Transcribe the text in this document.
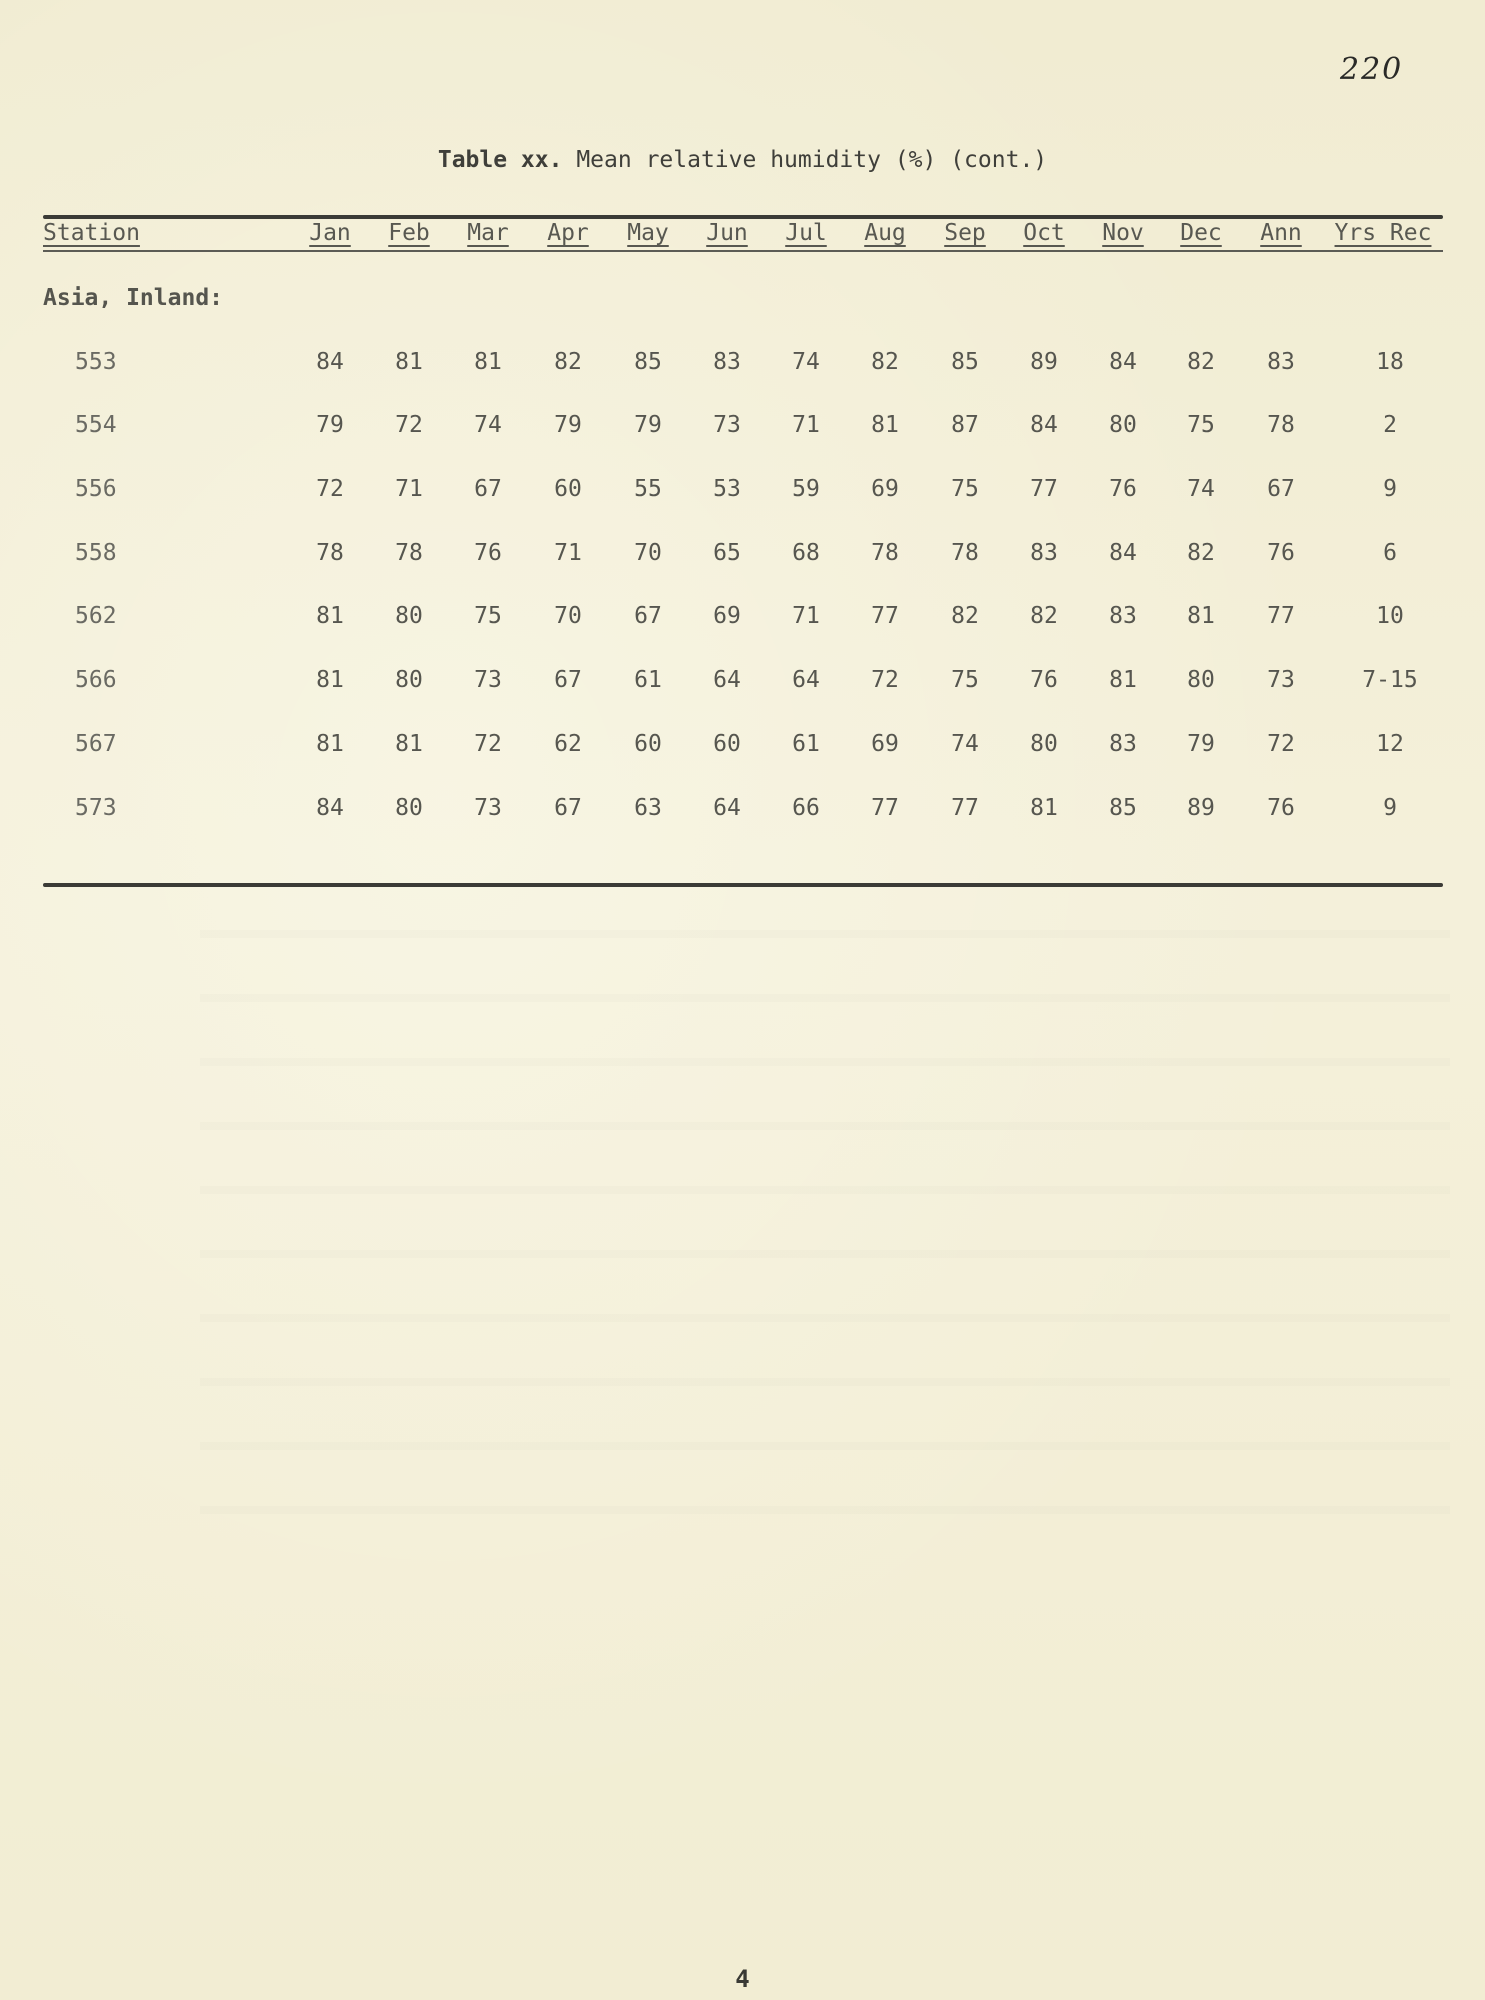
220
Table xx. Mean relative humidity (%) (cont.)
Station	Jan	Feb	Mar	Apr	May	Jun	Jul	Aug	Sep	Oct	Nov	Dec	Ann	Yrs Rec
Asia, Inland:
553	84	81	81	82	85	83	74	82	85	89	84	82	83	18
554	79	72	74	79	79	73	71	81	87	84	80	75	78	2
556	72	71	67	60	55	53	59	69	75	77	76	74	67	9
558	78	78	76	71	70	65	68	78	78	83	84	82	76	6
562	81	80	75	70	67	69	71	77	82	82	83	81	77	10
566	81	80	73	67	61	64	64	72	75	76	81	80	73	7-15
567	81	81	72	62	60	60	61	69	74	80	83	79	72	12
573	84	80	73	67	63	64	66	77	77	81	85	89	76	9
4
